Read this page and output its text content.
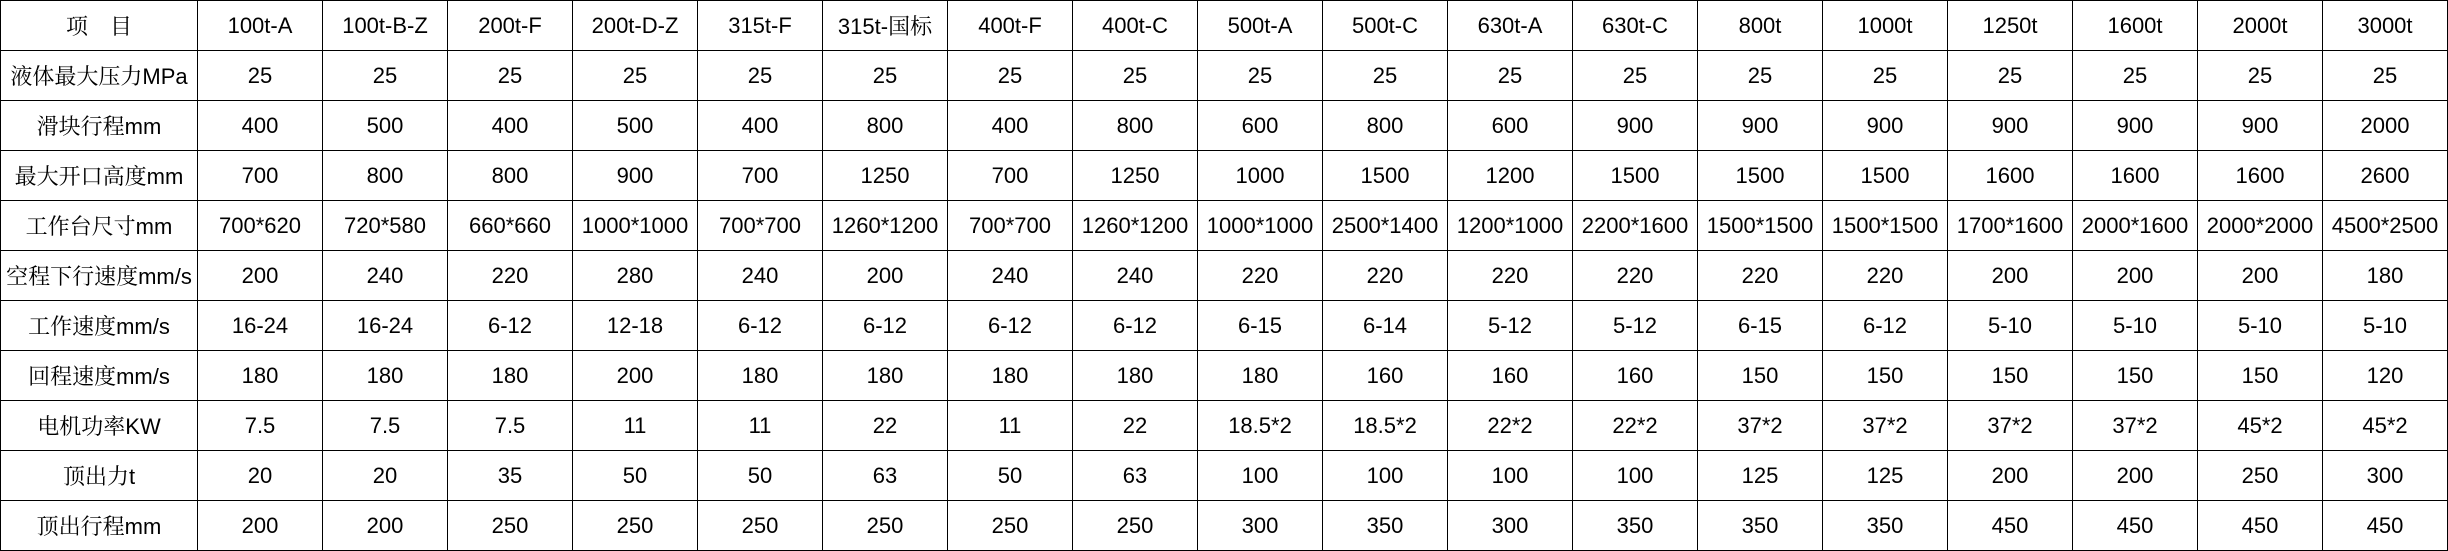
项　目	100t-A	100t-B-Z	200t-F	200t-D-Z	315t-F	315t-国标	400t-F	400t-C	500t-A	500t-C	630t-A	630t-C	800t	1000t	1250t	1600t	2000t	3000t
液体最大压力MPa	25	25	25	25	25	25	25	25	25	25	25	25	25	25	25	25	25	25
滑块行程mm	400	500	400	500	400	800	400	800	600	800	600	900	900	900	900	900	900	2000
最大开口高度mm	700	800	800	900	700	1250	700	1250	1000	1500	1200	1500	1500	1500	1600	1600	1600	2600
工作台尺寸mm	700*620	720*580	660*660	1000*1000	700*700	1260*1200	700*700	1260*1200	1000*1000	2500*1400	1200*1000	2200*1600	1500*1500	1500*1500	1700*1600	2000*1600	2000*2000	4500*2500
空程下行速度mm/s	200	240	220	280	240	200	240	240	220	220	220	220	220	220	200	200	200	180
工作速度mm/s	16-24	16-24	6-12	12-18	6-12	6-12	6-12	6-12	6-15	6-14	5-12	5-12	6-15	6-12	5-10	5-10	5-10	5-10
回程速度mm/s	180	180	180	200	180	180	180	180	180	160	160	160	150	150	150	150	150	120
电机功率KW	7.5	7.5	7.5	11	11	22	11	22	18.5*2	18.5*2	22*2	22*2	37*2	37*2	37*2	37*2	45*2	45*2
顶出力t	20	20	35	50	50	63	50	63	100	100	100	100	125	125	200	200	250	300
顶出行程mm	200	200	250	250	250	250	250	250	300	350	300	350	350	350	450	450	450	450
